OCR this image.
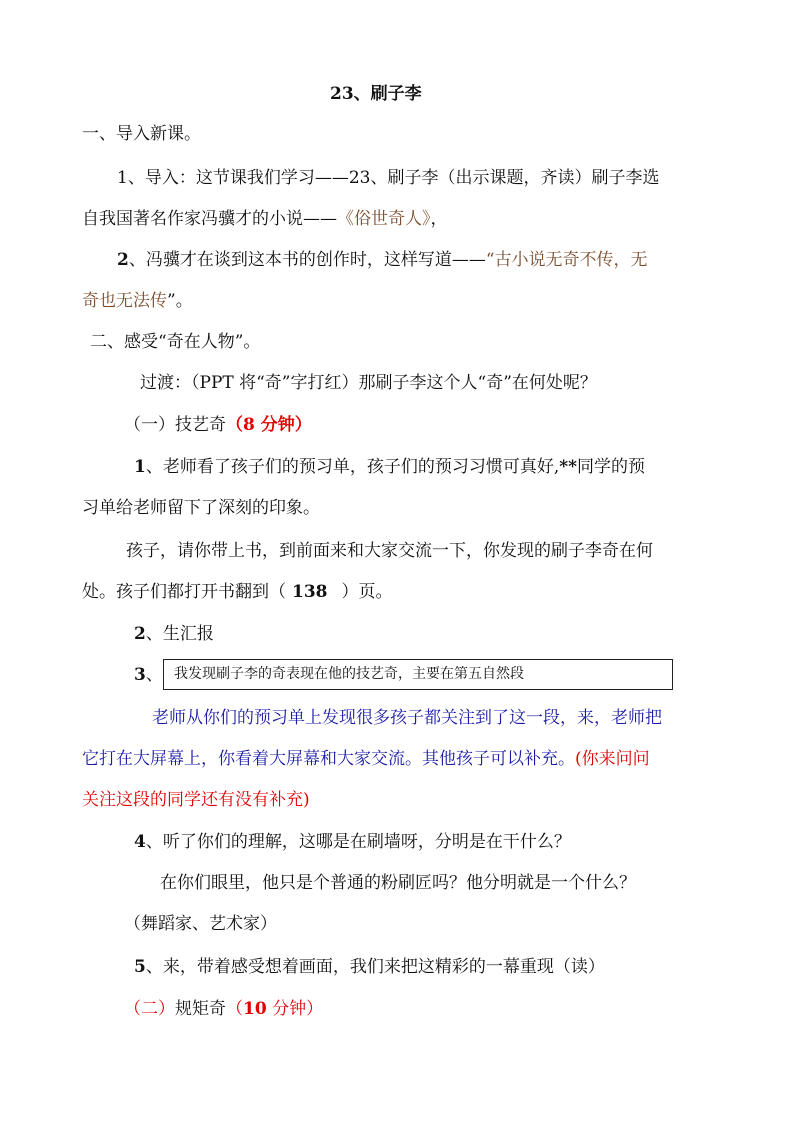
23、刷子李
一、导入新课。
1、导入：这节课我们学习——23、刷子李（出示课题，齐读）刷子李选
自我国著名作家冯骥才的小说——《俗世奇人》，
2、冯骥才在谈到这本书的创作时，这样写道——“古小说无奇不传，无
奇也无法传”。
二、感受“奇在人物”。
过渡：（PPT 将“奇”字打红）那刷子李这个人“奇”在何处呢？
（一）技艺奇（8 分钟）
1、老师看了孩子们的预习单，孩子们的预习习惯可真好,**同学的预
习单给老师留下了深刻的印象。
孩子，请你带上书，到前面来和大家交流一下，你发现的刷子李奇在何
处。孩子们都打开书翻到（ 138 ）页。
2、生汇报
3、 我发现刷子李的奇表现在他的技艺奇，主要在第五自然段
老师从你们的预习单上发现很多孩子都关注到了这一段，来，老师把
它打在大屏幕上，你看着大屏幕和大家交流。其他孩子可以补充。(你来问问
关注这段的同学还有没有补充)
4、听了你们的理解，这哪是在刷墙呀，分明是在干什么？
在你们眼里，他只是个普通的粉刷匠吗？他分明就是一个什么？
（舞蹈家、艺术家）
5、来，带着感受想着画面，我们来把这精彩的一幕重现（读）
（二）规矩奇（10 分钟）
